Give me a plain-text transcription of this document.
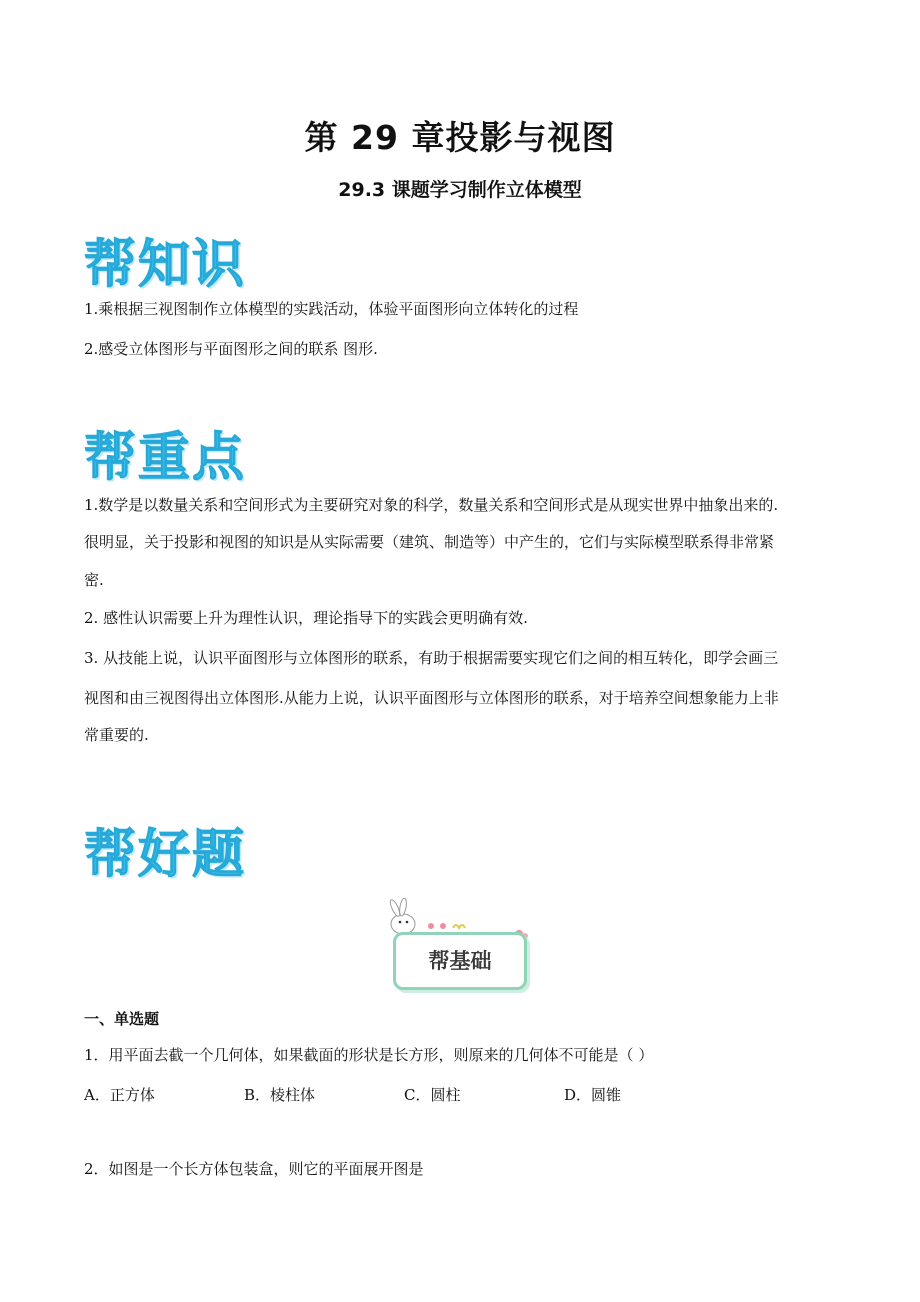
第 29 章投影与视图
29.3 课题学习制作立体模型
帮知识
1.乘根据三视图制作立体模型的实践活动，体验平面图形向立体转化的过程
2.感受立体图形与平面图形之间的联系 图形.
帮重点
1.数学是以数量关系和空间形式为主要研究对象的科学，数量关系和空间形式是从现实世界中抽象出来的.
很明显，关于投影和视图的知识是从实际需要（建筑、制造等）中产生的，它们与实际模型联系得非常紧
密.
2. 感性认识需要上升为理性认识，理论指导下的实践会更明确有效.
3. 从技能上说，认识平面图形与立体图形的联系，有助于根据需要实现它们之间的相互转化，即学会画三
视图和由三视图得出立体图形.从能力上说，认识平面图形与立体图形的联系，对于培养空间想象能力上非
常重要的.
帮好题
帮基础
一、单选题
1．用平面去截一个几何体，如果截面的形状是长方形，则原来的几何体不可能是（ ）
A．正方体	B．棱柱体	C．圆柱	D．圆锥
2．如图是一个长方体包装盒，则它的平面展开图是
